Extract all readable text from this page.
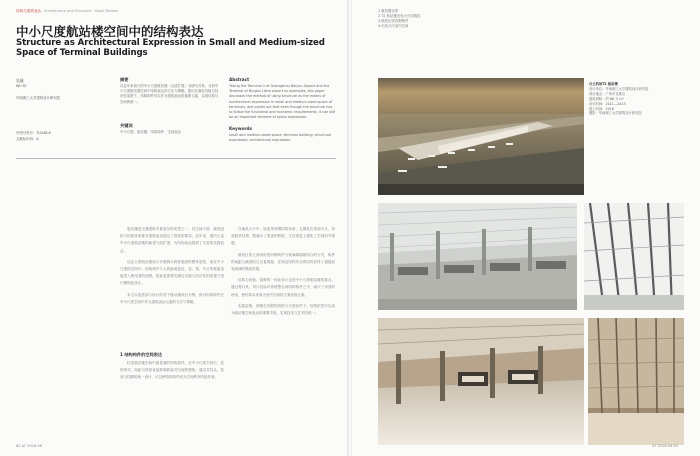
结构与建筑表达 Architecture and Structure · Book Review
中小尺度航站楼空间中的结构表达
Structure as Architectural Expression in Small and Medium-sized Space of Terminal Buildings
吴迪
WU Di
华南理工大学建筑设计研究院
中图分类号：TU248.6
文献标识码：A
摘要
以近年来设计的中小尺度航站楼（含改扩建）为研究对象，分析中小尺度航站楼空间中结构表达的方法与策略。提出在满足功能与经济性前提下，结构构件可以作为建筑表达的重要元素，实现结构与空间的统一。
关键词
中小尺度；航站楼；结构构件；空间表达
Abstract
Taking the Terminal 2 of Guangzhou Baiyun Airport and the Terminal of Ningbo Lishe airport as examples, this paper discusses the method of using structure as the means of architectural expression in small and medium-sized space of terminals, and points out that even though the structure has to follow the functional and economic requirements, it can still be an important element of space expression.
Keywords
small and medium-sized space; terminal building; structural expression; architectural expression

航站楼是交通建筑中最复杂的类型之一，其空间尺度、流线组织与结构体系都对建筑表达提出了很高的要求。近年来，国内大量中小尺度航站楼的新建与改扩建，为结构表达提供了丰富的实践机会。

以往大型航站楼设计多强调大跨度屋面的整体造型，而在中小尺度的空间中，结构构件与人的距离更近，柱、梁、节点等要素直接进入使用者的视野，因此更需要在满足功能与经济性的前提下进行精细化设计。

本文以笔者参与设计的若干航站楼项目为例，探讨结构构件在中小尺度空间中作为建筑表达元素的方法与策略。

1 结构构件的空间表达

柱是航站楼空间中最显著的结构构件。在中小尺度空间中，柱的形式、间距与材质直接影响旅客对空间的感知。通过对柱头、柱身与柱脚的统一设计，可以使结构构件成为空间秩序的组织者。

在值机大厅中，屋盖采用钢结构体系，支撑柱在顶部分叉，形成树状结构，既减小了屋盖的跨度，又在视觉上强化了空间的节奏感。

候机区的立面采用竖向钢构件与玻璃幕墙相结合的方式，构件的间距与截面经过反复推敲，在保证结构安全的同时获得了通透而有韵律的界面效果。

结构与设备、装修的一体化设计也是中小尺度航站楼的重点。通过将灯具、风口及标识系统整合到结构构件之中，减少了吊顶的使用，使结构本身成为室内空间的主要表现元素。

实践证明，即使在有限的投资与尺度条件下，结构依然可以成为航站楼空间表达的重要手段，实现技术与艺术的统一。

82 AT 2016.06
1 航站楼全景
2 T2 航站楼出发大厅结构柱
3 候机区竖向钢构件
4 出发大厅室内空间
白云机场T2 航站楼
设计单位：华南理工大学建筑设计研究院
项目地点：广州市花都区
建筑面积：约 88 万 m²
设计时间：2011—2013
竣工时间：2018
摄影：华南理工大学建筑设计研究院
AT 2016.06 83
